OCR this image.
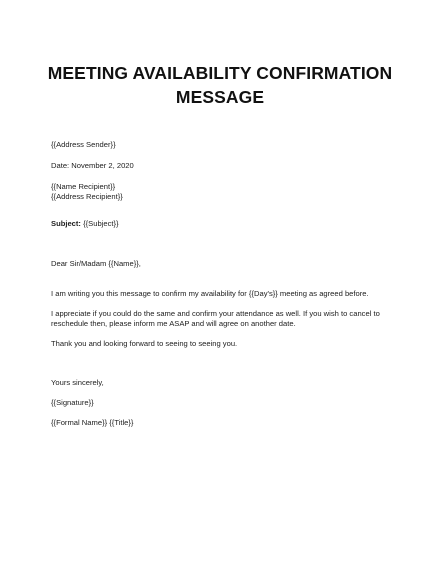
MEETING AVAILABILITY CONFIRMATION
MESSAGE
{{Address Sender}}
Date: November 2, 2020
{{Name Recipient}}
{{Address Recipient}}
Subject: {{Subject}}
Dear Sir/Madam {{Name}},
I am writing you this message to confirm my availability for {{Day's}} meeting as agreed before.
I appreciate if you could do the same and confirm your attendance as well. If you wish to cancel to
reschedule then, please inform me ASAP and will agree on another date.
Thank you and looking forward to seeing to seeing you.
Yours sincerely,
{{Signature}}
{{Formal Name}} {{Title}}
